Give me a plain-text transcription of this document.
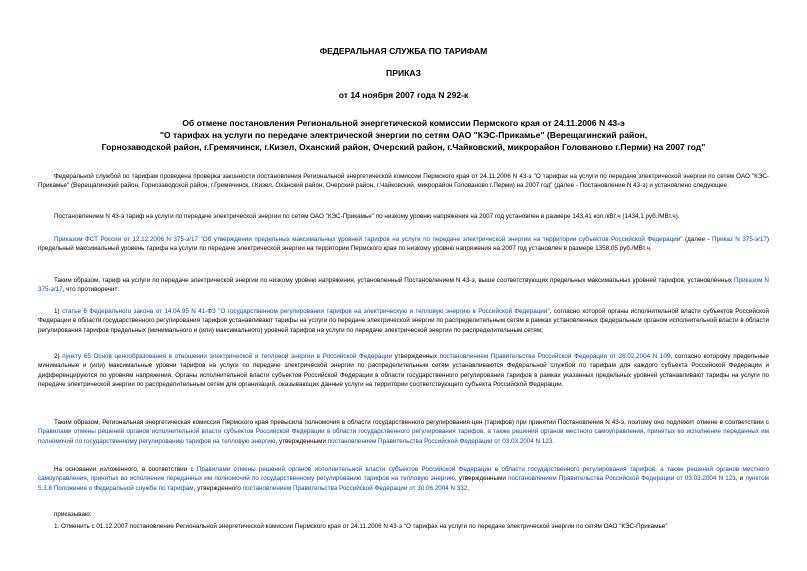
ФЕДЕРАЛЬНАЯ СЛУЖБА ПО ТАРИФАМ

ПРИКАЗ

от 14 ноября 2007 года N 292-к

Об отмене постановления Региональной энергетической комиссии Пермского края от 24.11.2006 N 43-э

"О тарифах на услуги по передаче электрической энергии по сетям ОАО "КЭС-Прикамье" (Верещагинский район,

Горнозаводской район, г.Гремячинск, г.Кизел, Оханский район, Очерский район, г.Чайковский, микрорайон Голованово г.Перми) на 2007 год"

Федеральной службой по тарифам проведена проверка законности постановления Региональной энергетической комиссии Пермского края от 24.11.2006 N 43-э "О тарифах на услуги по передаче электрической энергии по сетям ОАО "КЭС-Прикамье" (Верещагинский район, Горнозаводской район, г.Гремячинск, г.Кизел, Оханский район, Очерский район, г.Чайковский, микрорайон Голованово г.Перми) на 2007 год" (далее - Постановление N 43-э) и установлено следующее.

Постановлением N 43-э тариф на услуги по передаче электрической энергии по сетям ОАО "КЭС-Прикамье" по низкому уровню напряжения на 2007 год установлен в размере 143,41 коп./кВт.ч (1434,1 руб./МВт.ч).

Приказом ФСТ России от 12.12.2006 N 375-э/17 "Об утверждении предельных максимальных уровней тарифов на услуги по передаче электрической энергии на территории субъектов Российской Федерации" (далее - Приказ N 375-э/17) предельный максимальный уровень тарифа на услуги по передаче электрической энергии на территории Пермского края по низкому уровню напряжения на 2007 год установлен в размере 1358,05 руб./МВт.ч.

Таким образом, тариф на услуги по передаче электрической энергии по низкому уровню напряжения, установленный Постановлением N 43-э, выше соответствующих предельных максимальных уровней тарифов, установленных Приказом N 375-э/17, что противоречит:

1) статье 6 Федерального закона от 14.04.95 N 41-ФЗ "О государственном регулировании тарифов на электрическую и тепловую энергию в Российской Федерации", согласно которой органы исполнительной власти субъектов Российской Федерации в области государственного регулирования тарифов устанавливают тарифы на услуги по передаче электрической энергии по распределительным сетям в рамках установленных федеральным органом исполнительной власти в области регулирования тарифов предельных (минимального и (или) максимального) уровней тарифов на услуги по передаче электрической энергии по распределительным сетям;

2) пункту 65 Основ ценообразования в отношении электрической и тепловой энергии в Российской Федерации утвержденных постановлением Правительства Российской Федерации от 26.02.2004 N 109, согласно которому предельные минимальные и (или) максимальные уровни тарифов на услуги по передаче электрической энергии по распределительным сетям устанавливаются Федеральной службой по тарифам для каждого субъекта Российской Федерации и дифференцируются по уровням напряжения. Органы исполнительной власти субъектов Российской Федерации в области государственного регулирования тарифов в рамках указанных предельных уровней устанавливают тарифы на услуги по передаче электрической энергии по распределительным сетям для организаций, оказывающих данные услуги на территории соответствующего субъекта Российской Федерации.

Таким образом, Региональная энергетическая комиссия Пермского края превысила полномочия в области государственного регулирования цен (тарифов) при принятии Постановления N 43-э, поэтому оно подлежит отмене в соответствии с Правилами отмены решений органов исполнительной власти субъектов Российской Федерации в области государственного регулирования тарифов, а также решений органов местного самоуправления, принятых во исполнение переданных им полномочий по государственному регулированию тарифов на тепловую энергию, утвержденными постановлением Правительства Российской Федерации от 03.03.2004 N 123.

На основании изложенного, в соответствии с Правилами отмены решений органов исполнительной власти субъектов Российской Федерации в области государственного регулирования тарифов, а также решений органов местного самоуправления, принятых во исполнение переданных им полномочий по государственному регулированию тарифов на тепловую энергию, утвержденными постановлением Правительства Российской Федерации от 03.03.2004 N 123, и пунктом 5.3.8 Положения о Федеральной службе по тарифам, утвержденного постановлением Правительства Российской Федерации от 30.06.2004 N 332,

приказываю:

1. Отменить с 01.12.2007 постановление Региональной энергетической комиссии Пермского края от 24.11.2006 N 43-э "О тарифах на услуги по передаче электрической энергии по сетям ОАО "КЭС-Прикамье"
